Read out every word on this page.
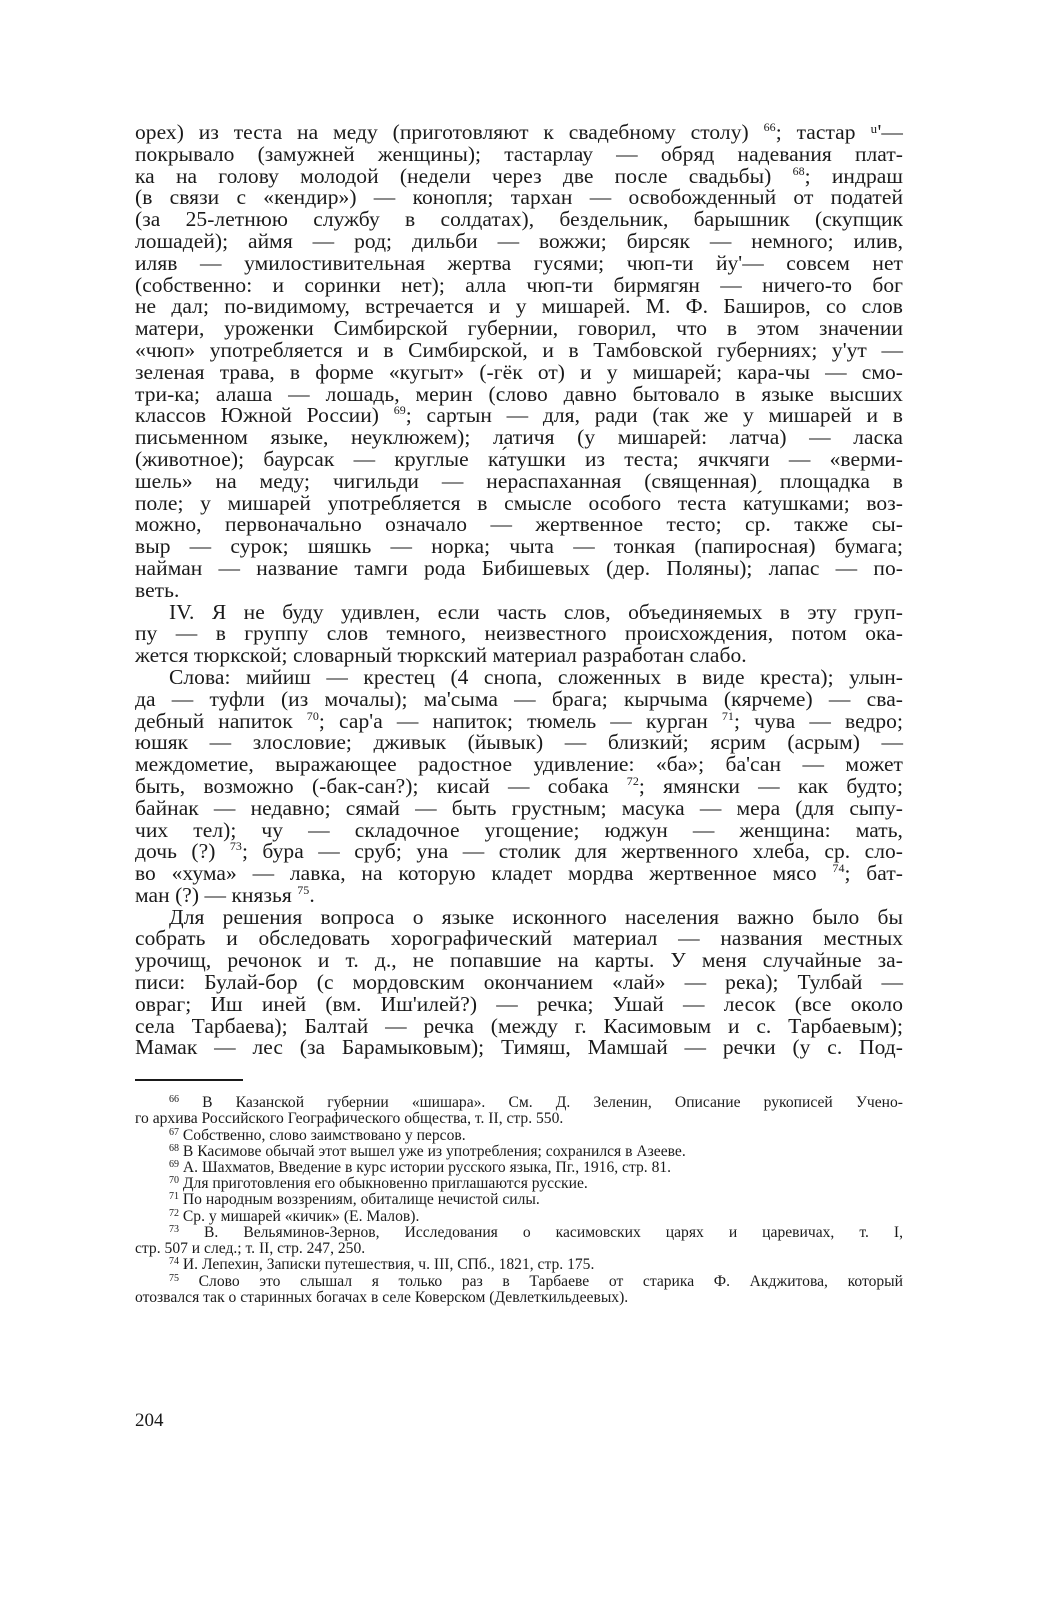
орех) из теста на меду (приготовляют к свадебному столу) $^{66}$; тастар ᵘ'—
покрывало (замужней женщины); тастарлау — обряд надевания плат-
ка на голову молодой (недели через две после свадьбы) $^{68}$; индраш
(в связи с «кендир») — конопля; тархан — освобожденный от податей
(за 25-летнюю службу в солдатах), бездельник, барышник (скупщик
лошадей); аймя — род; дильби — вожжи; бирсяк — немного; илив,
иляв — умилостивительная жертва гусями; чюп-ти йу'— совсем нет
(собственно: и соринки нет); алла чюп-ти бирмягян — ничего-то бог
не дал; по-видимому, встречается и у мишарей. М. Ф. Баширов, со слов
матери, уроженки Симбирской губернии, говорил, что в этом значении
«чюп» употребляется и в Симбирской, и в Тамбовской губерниях; у'ут —
зеленая трава, в форме «кугыт» (-гёк от) и у мишарей; кара-чы — смо-
три-ка; алаша — лошадь, мерин (слово давно бытовало в языке высших
классов Южной России) $^{69}$; сартын — для, ради (так же у мишарей и в
письменном языке, неуклюжем); латичя (у мишарей: латча) — ласка
(животное); баурсак — круглые ка́тушки из теста; ячкчяги — «верми-
шель» на меду; чигильди — нераспаханная (священная) площадка в
поле; у мишарей употребляется в смысле особого теста ка́тушками; воз-
можно, первоначально означало — жертвенное тесто; ср. также сы-
выр — сурок; шяшкь — норка; чыта — тонкая (папиросная) бумага;
найман — название тамги рода Бибишевых (дер. Поляны); лапас — по-
веть.
IV. Я не буду удивлен, если часть слов, объединяемых в эту груп-
пу — в группу слов темного, неизвестного происхождения, потом ока-
жется тюркской; словарный тюркский материал разработан слабо.
Слова: мийиш — крестец (4 снопа, сложенных в виде креста); улын-
да — туфли (из мочалы); ма'сыма — брага; кырчыма (кярчеме) — сва-
дебный напиток $^{70}$; сар'а — напиток; тюмель — курган $^{71}$; чува — ведро;
юшяк — злословие; дживык (йывык) — близкий; ясрим (асрым) —
междометие, выражающее радостное удивление: «ба»; ба'сан — может
быть, возможно (-бак-сан?); кисай — собака $^{72}$; ямянски — как будто;
байнак — недавно; сямай — быть грустным; масука — мера (для сыпу-
чих тел); чу — складочное угощение; юджун — женщина: мать,
дочь (?) $^{73}$; бура — сруб; уна — столик для жертвенного хлеба, ср. сло-
во «хума» — лавка, на которую кладет мордва жертвенное мясо $^{74}$; бат-
ман (?) — князья $^{75}$.
Для решения вопроса о языке исконного населения важно было бы
собрать и обследовать хорографический материал — названия местных
урочищ, речонок и т. д., не попавшие на карты. У меня случайные за-
писи: Булай-бор (с мордовским окончанием «лай» — река); Тулбай —
овраг; Иш иней (вм. Иш'илей?) — речка; Ушай — лесок (все около
села Тарбаева); Балтай — речка (между г. Касимовым и с. Тарбаевым);
Мамак — лес (за Барамыковым); Тимяш, Мамшай — речки (у с. Под-
$^{66}$ В Казанской губернии «шишара». См. Д. Зеленин, Описание рукописей Учено-
го архива Российского Географического общества, т. II, стр. 550.
$^{67}$ Собственно, слово заимствовано у персов.
$^{68}$ В Касимове обычай этот вышел уже из употребления; сохранился в Азееве.
$^{69}$ А. Шахматов, Введение в курс истории русского языка, Пг., 1916, стр. 81.
$^{70}$ Для приготовления его обыкновенно приглашаются русские.
$^{71}$ По народным воззрениям, обиталище нечистой силы.
$^{72}$ Ср. у мишарей «кичик» (Е. Малов).
$^{73}$ В. Вельяминов-Зернов, Исследования о касимовских царях и царевичах, т. I,
стр. 507 и след.; т. II, стр. 247, 250.
$^{74}$ И. Лепехин, Записки путешествия, ч. III, СПб., 1821, стр. 175.
$^{75}$ Слово это слышал я только раз в Тарбаеве от старика Ф. Акджитова, который
отозвался так о старинных богачах в селе Коверском (Девлеткильдеевых).
204
